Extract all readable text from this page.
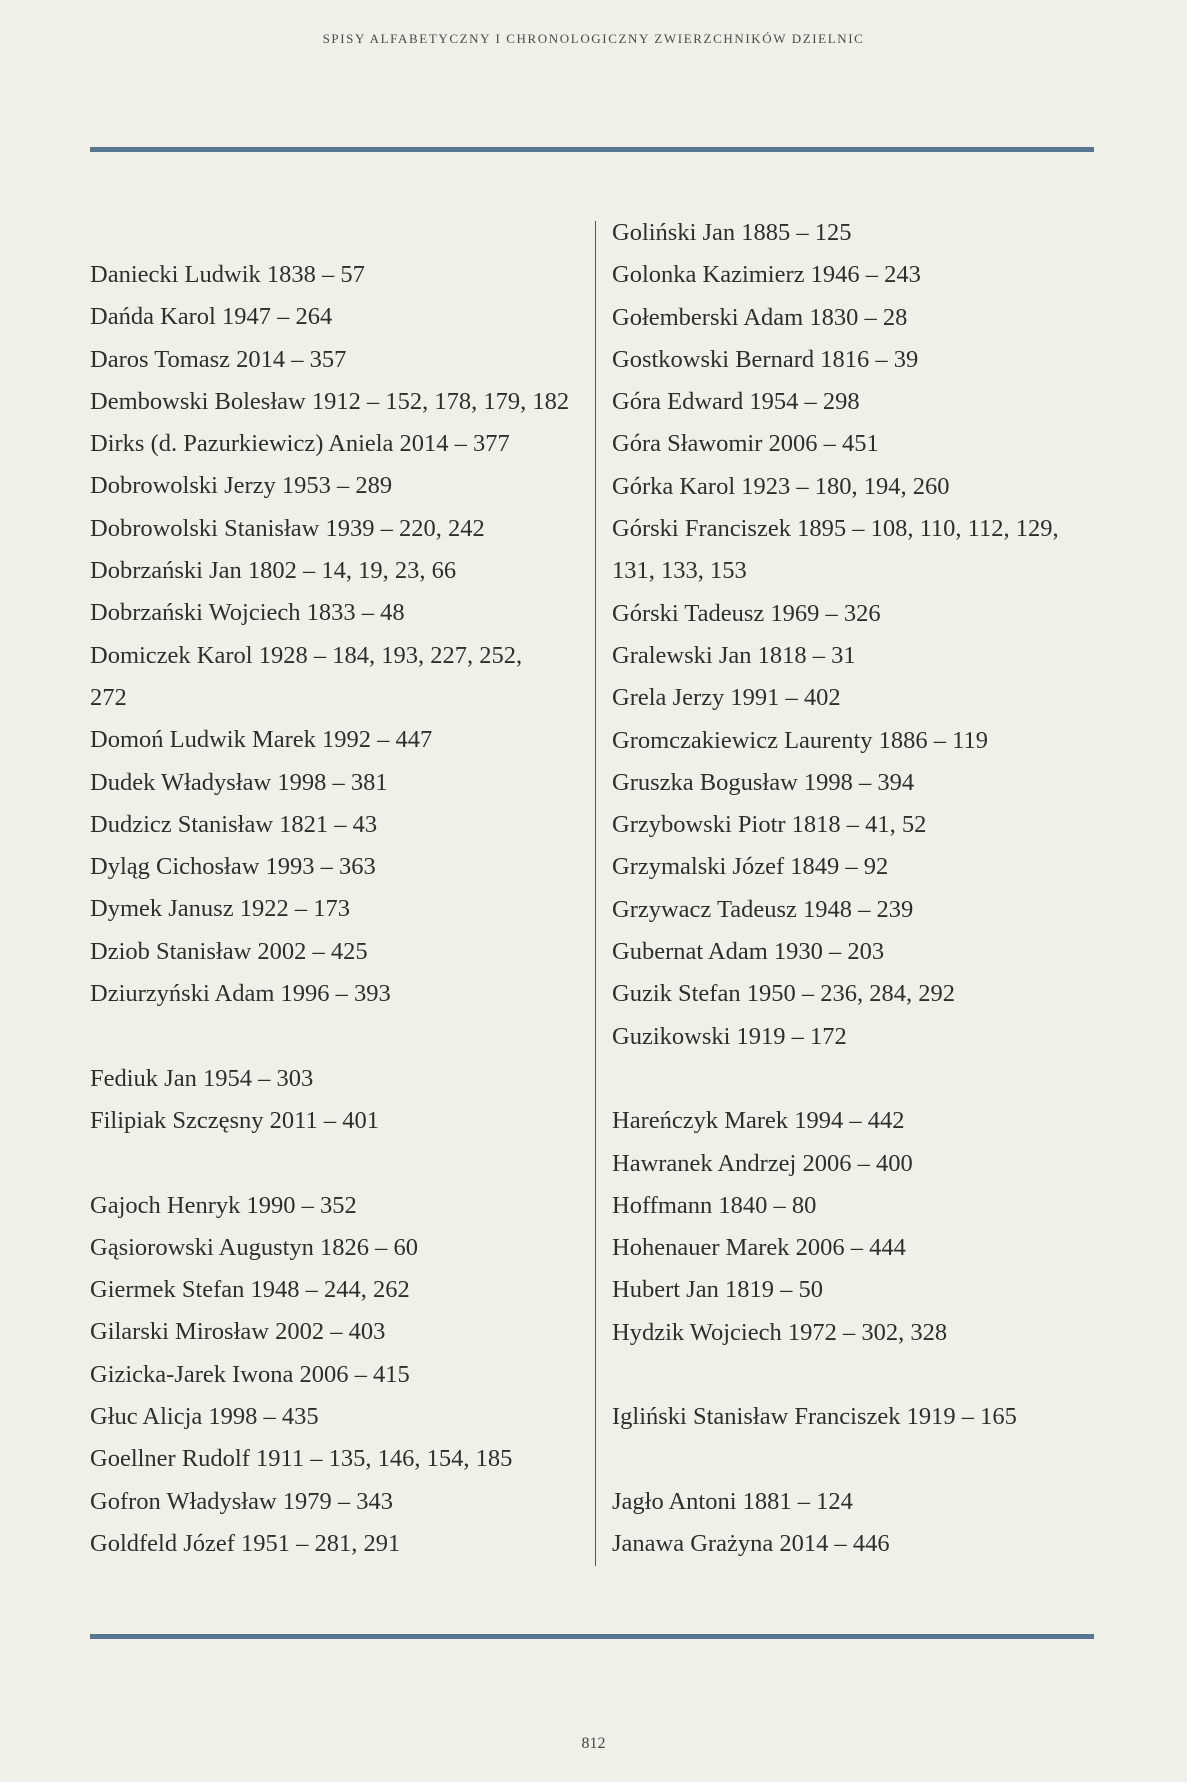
SPISY ALFABETYCZNY I CHRONOLOGICZNY ZWIERZCHNIKÓW DZIELNIC
Daniecki Ludwik 1838 – 57
Dańda Karol 1947 – 264
Daros Tomasz 2014 – 357
Dembowski Bolesław 1912 – 152, 178, 179, 182
Dirks (d. Pazurkiewicz) Aniela 2014 – 377
Dobrowolski Jerzy 1953 – 289
Dobrowolski Stanisław 1939 – 220, 242
Dobrzański Jan 1802 – 14, 19, 23, 66
Dobrzański Wojciech 1833 – 48
Domiczek Karol 1928 – 184, 193, 227, 252,
272
Domoń Ludwik Marek 1992 – 447
Dudek Władysław 1998 – 381
Dudzicz Stanisław 1821 – 43
Dyląg Cichosław 1993 – 363
Dymek Janusz 1922 – 173
Dziob Stanisław 2002 – 425
Dziurzyński Adam 1996 – 393
Fediuk Jan 1954 – 303
Filipiak Szczęsny 2011 – 401
Gajoch Henryk 1990 – 352
Gąsiorowski Augustyn 1826 – 60
Giermek Stefan 1948 – 244, 262
Gilarski Mirosław 2002 – 403
Gizicka-Jarek Iwona 2006 – 415
Głuc Alicja 1998 – 435
Goellner Rudolf 1911 – 135, 146, 154, 185
Gofron Władysław 1979 – 343
Goldfeld Józef 1951 – 281, 291
Goliński Jan 1885 – 125
Golonka Kazimierz 1946 – 243
Gołemberski Adam 1830 – 28
Gostkowski Bernard 1816 – 39
Góra Edward 1954 – 298
Góra Sławomir 2006 – 451
Górka Karol 1923 – 180, 194, 260
Górski Franciszek 1895 – 108, 110, 112, 129,
131, 133, 153
Górski Tadeusz 1969 – 326
Gralewski Jan 1818 – 31
Grela Jerzy 1991 – 402
Gromczakiewicz Laurenty 1886 – 119
Gruszka Bogusław 1998 – 394
Grzybowski Piotr 1818 – 41, 52
Grzymalski Józef 1849 – 92
Grzywacz Tadeusz 1948 – 239
Gubernat Adam 1930 – 203
Guzik Stefan 1950 – 236, 284, 292
Guzikowski 1919 – 172
Hareńczyk Marek 1994 – 442
Hawranek Andrzej 2006 – 400
Hoffmann 1840 – 80
Hohenauer Marek 2006 – 444
Hubert Jan 1819 – 50
Hydzik Wojciech 1972 – 302, 328
Igliński Stanisław Franciszek 1919 – 165
Jagło Antoni 1881 – 124
Janawa Grażyna 2014 – 446
812
